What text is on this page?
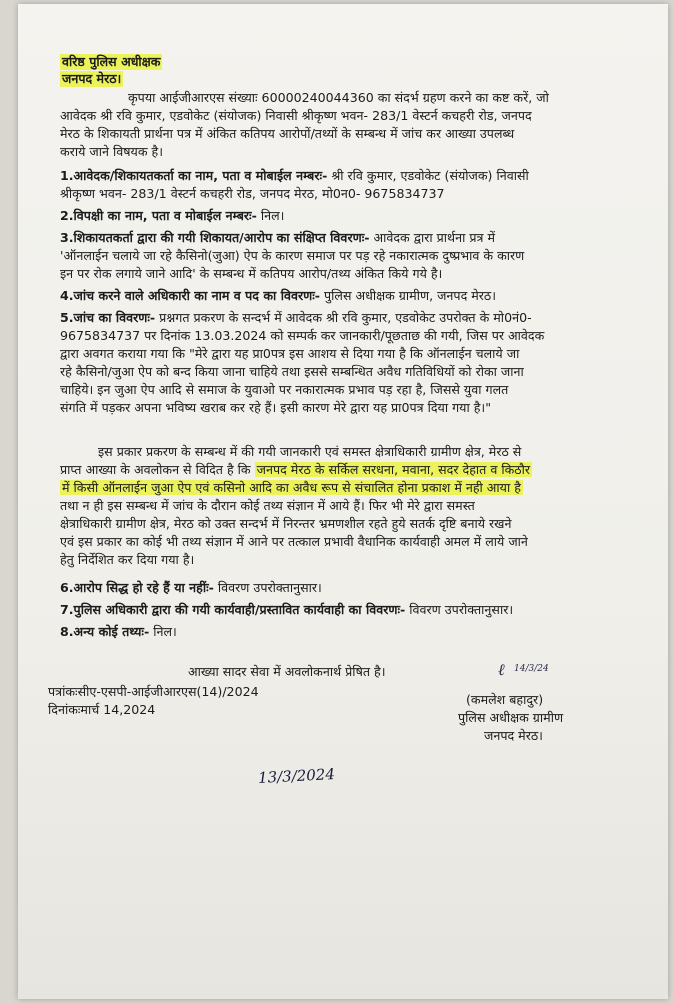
वरिष्ठ पुलिस अधीक्षक
जनपद मेरठ।
कृपया आईजीआरएस संख्याः 60000240044360 का संदर्भ ग्रहण करने का कष्ट करें, जो
आवेदक श्री रवि कुमार, एडवोकेट (संयोजक) निवासी श्रीकृष्ण भवन- 283/1 वेस्टर्न कचहरी रोड, जनपद
मेरठ के शिकायती प्रार्थना पत्र में अंकित कतिपय आरोपों/तथ्यों के सम्बन्ध में जांच कर आख्या उपलब्ध
कराये जाने विषयक है।
1.आवेदक/शिकायतकर्ता का नाम, पता व मोबाईल नम्बरः- श्री रवि कुमार, एडवोकेट (संयोजक) निवासी
श्रीकृष्ण भवन- 283/1 वेस्टर्न कचहरी रोड, जनपद मेरठ, मो0न0- 9675834737
2.विपक्षी का नाम, पता व मोबाईल नम्बरः- निल।
3.शिकायतकर्ता द्वारा की गयी शिकायत/आरोप का संक्षिप्त विवरणः- आवेदक द्वारा प्रार्थना प्रत्र में
'ऑनलाईन चलाये जा रहे कैसिनो(जुआ) ऐप के कारण समाज पर पड़ रहे नकारात्मक दुष्प्रभाव के कारण
इन पर रोक लगाये जाने आदि' के सम्बन्ध में कतिपय आरोप/तथ्य अंकित किये गये है।
4.जांच करने वाले अधिकारी का नाम व पद का विवरणः- पुलिस अधीक्षक ग्रामीण, जनपद मेरठ।
5.जांच का विवरणः- प्रश्नगत प्रकरण के सन्दर्भ में आवेदक श्री रवि कुमार, एडवोकेट उपरोक्त के मो0नं0-
9675834737 पर दिनांक 13.03.2024 को सम्पर्क कर जानकारी/पूछताछ की गयी, जिस पर आवेदक
द्वारा अवगत कराया गया कि "मेरे द्वारा यह प्रा0पत्र इस आशय से दिया गया है कि ऑनलाईन चलाये जा
रहे कैसिनो/जुआ ऐप को बन्द किया जाना चाहिये तथा इससे सम्बन्धित अवैध गतिविधियों को रोका जाना
चाहिये। इन जुआ ऐप आदि से समाज के युवाओ पर नकारात्मक प्रभाव पड़ रहा है, जिससे युवा गलत
संगति में पड़कर अपना भविष्य खराब कर रहे हैं। इसी कारण मेरे द्वारा यह प्रा0पत्र दिया गया है।"
इस प्रकार प्रकरण के सम्बन्ध में की गयी जानकारी एवं समस्त क्षेत्राधिकारी ग्रामीण क्षेत्र, मेरठ से
प्राप्त आख्या के अवलोकन से विदित है कि जनपद मेरठ के सर्किल सरधना, मवाना, सदर देहात व किठौर
में किसी ऑनलाईन जुआ ऐप एवं कसिनो आदि का अवैध रूप से संचालित होना प्रकाश में नही आया है
तथा न ही इस सम्बन्ध में जांच के दौरान कोई तथ्य संज्ञान में आये हैं। फिर भी मेरे द्वारा समस्त
क्षेत्राधिकारी ग्रामीण क्षेत्र, मेरठ को उक्त सन्दर्भ में निरन्तर भ्रमणशील रहते हुये सतर्क दृष्टि बनाये रखने
एवं इस प्रकार का कोई भी तथ्य संज्ञान में आने पर तत्काल प्रभावी वैधानिक कार्यवाही अमल में लाये जाने
हेतु निर्देशित कर दिया गया है।
6.आरोप सिद्ध हो रहे हैं या नहींः- विवरण उपरोक्तानुसार।
7.पुलिस अधिकारी द्वारा की गयी कार्यवाही/प्रस्तावित कार्यवाही का विवरणः- विवरण उपरोक्तानुसार।
8.अन्य कोई तथ्यः- निल।
आख्या सादर सेवा में अवलोकनार्थ प्रेषित है।
पत्रांकःसीए-एसपी-आईजीआरएस(14)/2024
दिनांकःमार्च 14,2024
ℓ 14/3/24
(कमलेश बहादुर)
पुलिस अधीक्षक ग्रामीण
जनपद मेरठ।
13/3/2024
